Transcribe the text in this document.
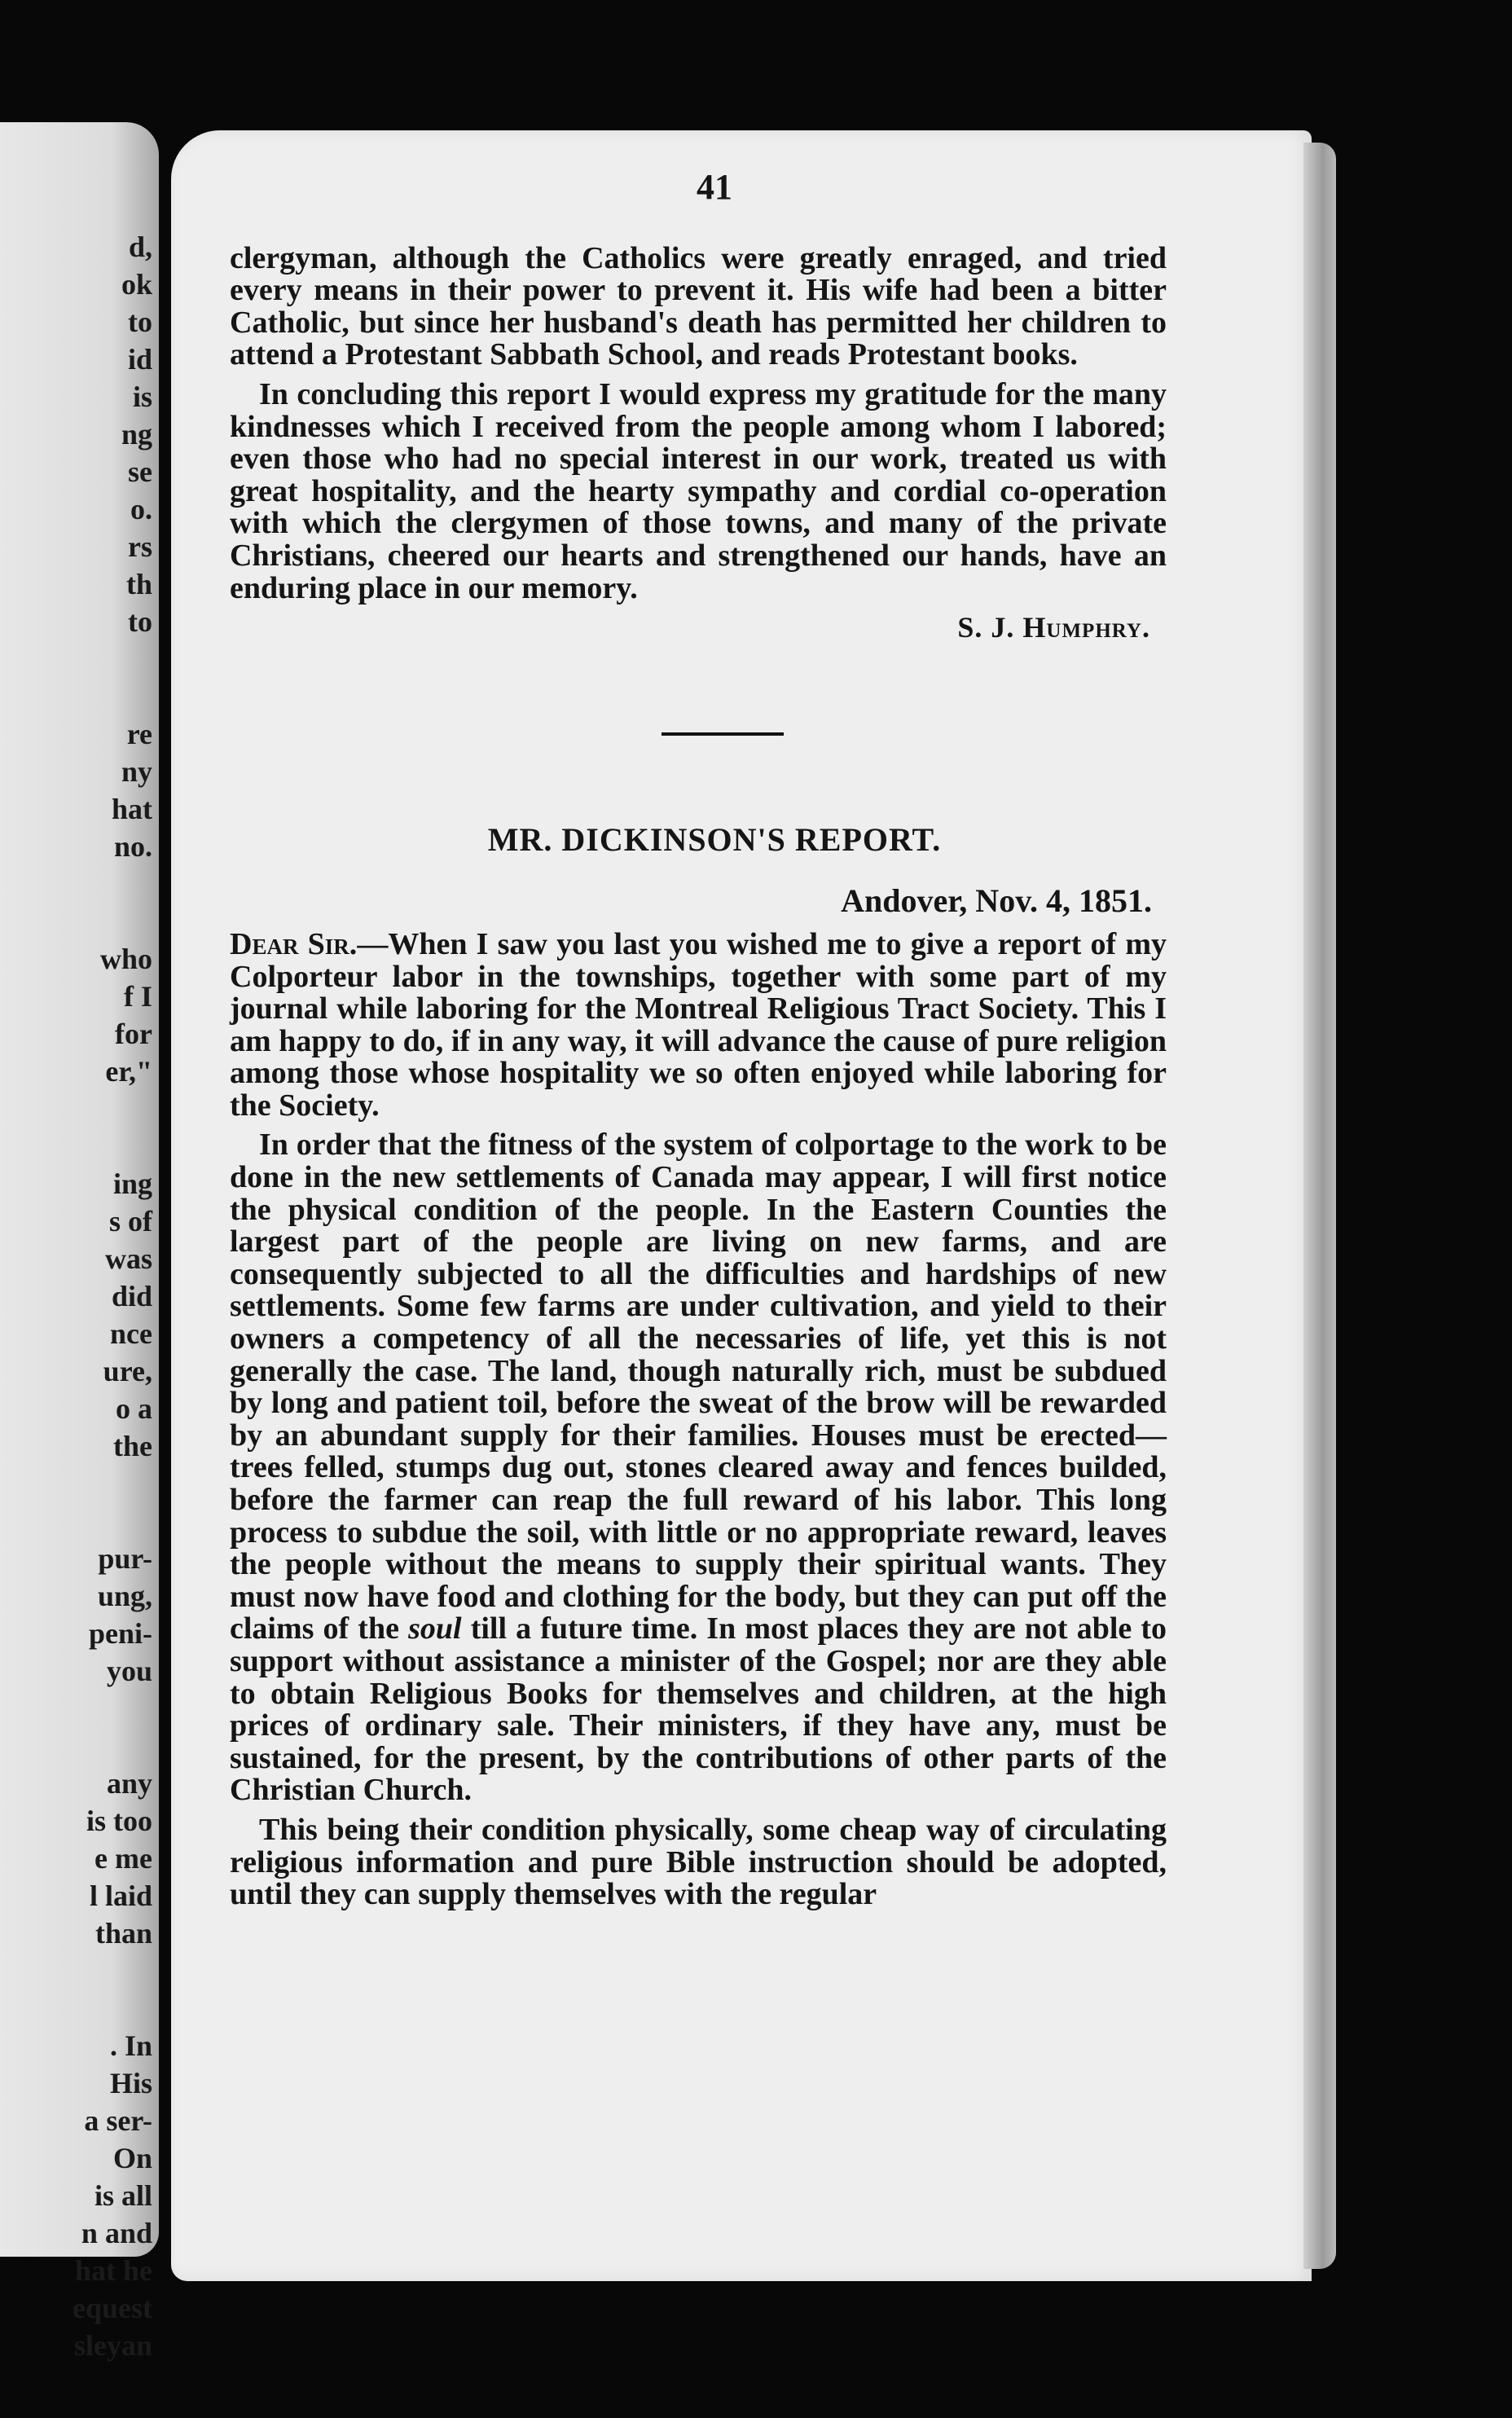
d,
ok
to
id
is
ng
se
o.
rs
th
to
re
ny
hat
no.
who
f I
for
er,"
ing
s of
was
did
nce
ure,
o a
the
pur-
ung,
peni-
you
any
is too
e me
l laid
than
. In
His
a ser-
On
is all
n and
hat he
equest
sleyan
41

clergyman, although the Catholics were greatly enraged, and tried every means in their power to prevent it. His wife had been a bitter Catholic, but since her husband's death has permitted her children to attend a Protestant Sabbath School, and reads Protestant books.

In concluding this report I would express my gratitude for the many kindnesses which I received from the people among whom I labored; even those who had no special interest in our work, treated us with great hospitality, and the hearty sympathy and cordial co-operation with which the clergymen of those towns, and many of the private Christians, cheered our hearts and strengthened our hands, have an enduring place in our memory.

S. J. Humphry.
MR. DICKINSON'S REPORT.
Andover, Nov. 4, 1851.

Dear Sir.—When I saw you last you wished me to give a report of my Colporteur labor in the townships, together with some part of my journal while laboring for the Montreal Religious Tract Society. This I am happy to do, if in any way, it will advance the cause of pure religion among those whose hospitality we so often enjoyed while laboring for the Society.

In order that the fitness of the system of colportage to the work to be done in the new settlements of Canada may appear, I will first notice the physical condition of the people. In the Eastern Counties the largest part of the people are living on new farms, and are consequently subjected to all the difficulties and hardships of new settlements. Some few farms are under cultivation, and yield to their owners a competency of all the necessaries of life, yet this is not generally the case. The land, though naturally rich, must be subdued by long and patient toil, before the sweat of the brow will be rewarded by an abundant supply for their families. Houses must be erected—trees felled, stumps dug out, stones cleared away and fences builded, before the farmer can reap the full reward of his labor. This long process to subdue the soil, with little or no appropriate reward, leaves the people without the means to supply their spiritual wants. They must now have food and clothing for the body, but they can put off the claims of the soul till a future time. In most places they are not able to support without assistance a minister of the Gospel; nor are they able to obtain Religious Books for themselves and children, at the high prices of ordinary sale. Their ministers, if they have any, must be sustained, for the present, by the contributions of other parts of the Christian Church.

This being their condition physically, some cheap way of circulating religious information and pure Bible instruction should be adopted, until they can supply themselves with the regular
